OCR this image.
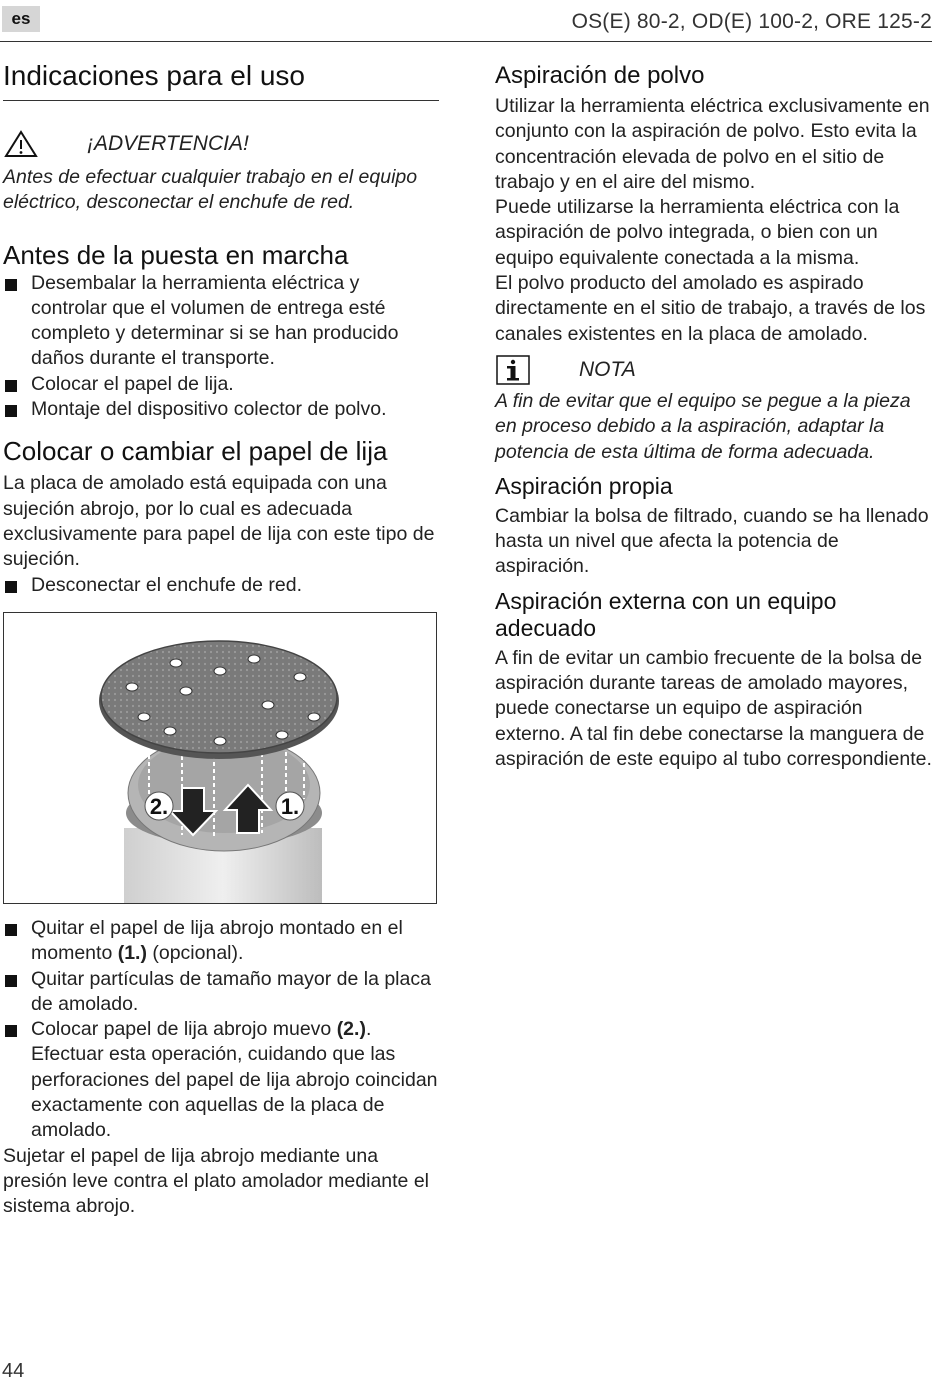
es	OS(E) 80-2, OD(E) 100-2, ORE 125-2
Indicaciones para el uso
¡ADVERTENCIA!

Antes de efectuar cualquier trabajo en el equipo eléctrico, desconectar el enchufe de red.

Antes de la puesta en marcha
Desembalar la herramienta eléctrica y controlar que el volumen de entrega esté completo y determinar si se han producido daños durante el transporte.
Colocar el papel de lija.
Montaje del dispositivo colector de polvo.
Colocar o cambiar el papel de lija

La placa de amolado está equipada con una sujeción abrojo, por lo cual es adecuada exclusivamente para papel de lija con este tipo de sujeción.

Desconectar el enchufe de red.
2.	1.
Quitar el papel de lija abrojo montado en el momento (1.) (opcional).
Quitar partículas de tamaño mayor de la placa de amolado.
Colocar papel de lija abrojo muevo (2.). Efectuar esta operación, cuidando que las perforaciones del papel de lija abrojo coincidan exactamente con aquellas de la placa de amolado.

Sujetar el papel de lija abrojo mediante una presión leve contra el plato amolador mediante el sistema abrojo.

Aspiración de polvo

Utilizar la herramienta eléctrica exclusivamente en conjunto con la aspiración de polvo. Esto evita la concentración elevada de polvo en el sitio de trabajo y en el aire del mismo.

Puede utilizarse la herramienta eléctrica con la aspiración de polvo integrada, o bien con un equipo equivalente conectada a la misma.

El polvo producto del amolado es aspirado directamente en el sitio de trabajo, a través de los canales existentes en la placa de amolado.

NOTA

A fin de evitar que el equipo se pegue a la pieza en proceso debido a la aspiración, adaptar la potencia de esta última de forma adecuada.

Aspiración propia

Cambiar la bolsa de filtrado, cuando se ha llenado hasta un nivel que afecta la potencia de aspiración.

Aspiración externa con un equipo adecuado

A fin de evitar un cambio frecuente de la bolsa de aspiración durante tareas de amolado mayores, puede conectarse un equipo de aspiración externo. A tal fin debe conectarse la manguera de aspiración de este equipo al tubo correspondiente.

44
